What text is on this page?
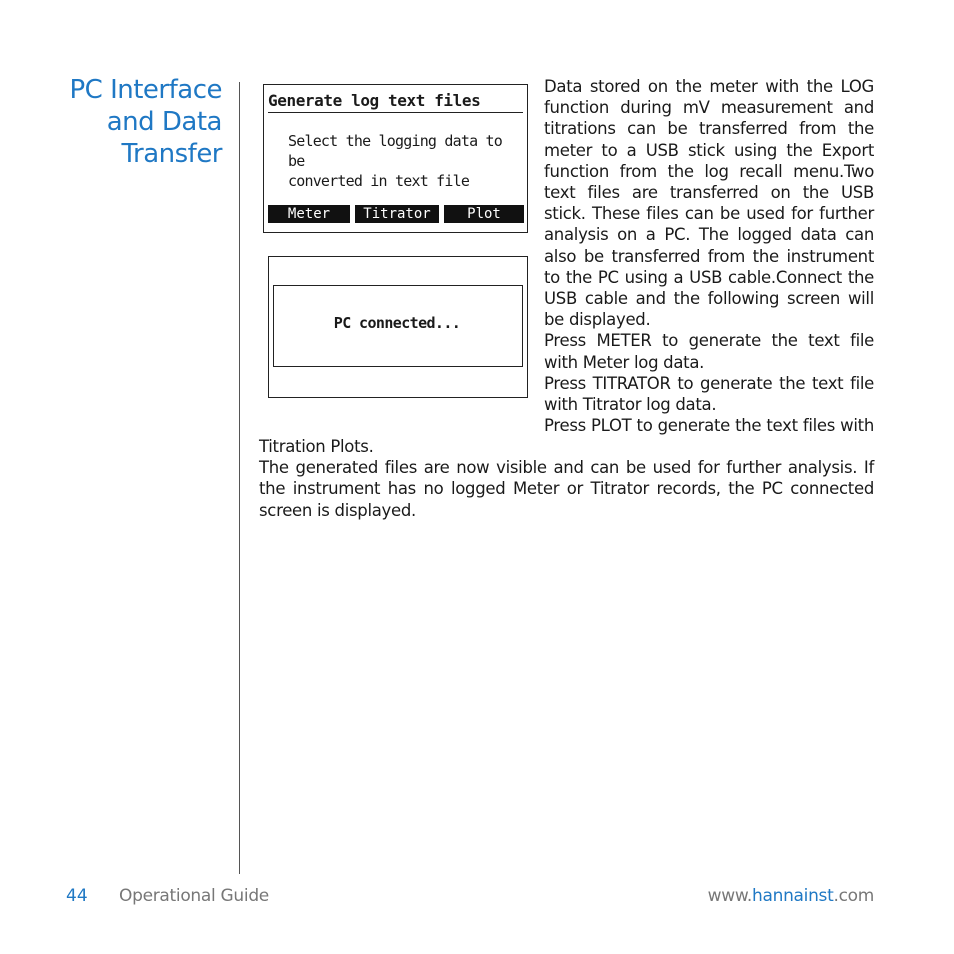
PC Interface
and Data
Transfer
Generate log text files
Select the logging data to be
converted in text file
Meter	Titrator	Plot
PC connected...

Data stored on the meter with the LOG function during mV measurement and titrations can be transferred from the meter to a USB stick using the Export function from the log recall menu.Two text files are transferred on the USB stick. These files can be used for further analysis on a PC. The logged data can also be transferred from the instrument to the PC using a USB cable.Connect the USB cable and the following screen will be displayed.

Press METER to generate the text file with Meter log data.

Press TITRATOR to generate the text file with Titrator log data.

Press PLOT to generate the text files with

Titration Plots.

The generated files are now visible and can be used for further analysis. If the instrument has no logged Meter or Titrator records, the PC connected screen is displayed.

44 Operational Guide	www.hannainst.com
